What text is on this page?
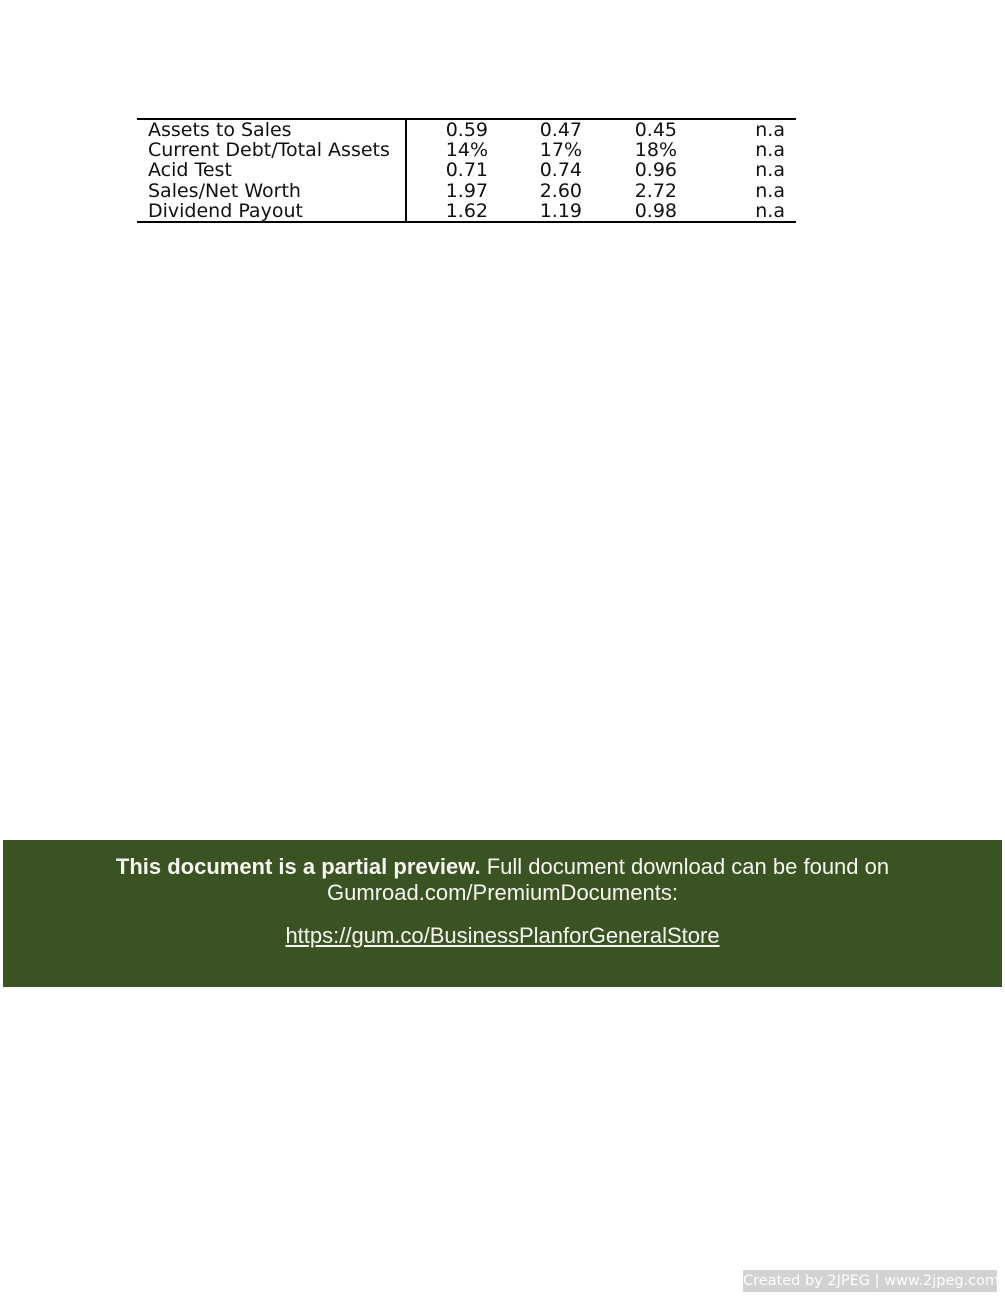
Assets to Sales	0.59	0.47	0.45	n.a
Current Debt/Total Assets	14%	17%	18%	n.a
Acid Test	0.71	0.74	0.96	n.a
Sales/Net Worth	1.97	2.60	2.72	n.a
Dividend Payout	1.62	1.19	0.98	n.a
This document is a partial preview. Full document download can be found on
Gumroad.com/PremiumDocuments:
https://gum.co/BusinessPlanforGeneralStore
Created by 2JPEG | www.2jpeg.com
